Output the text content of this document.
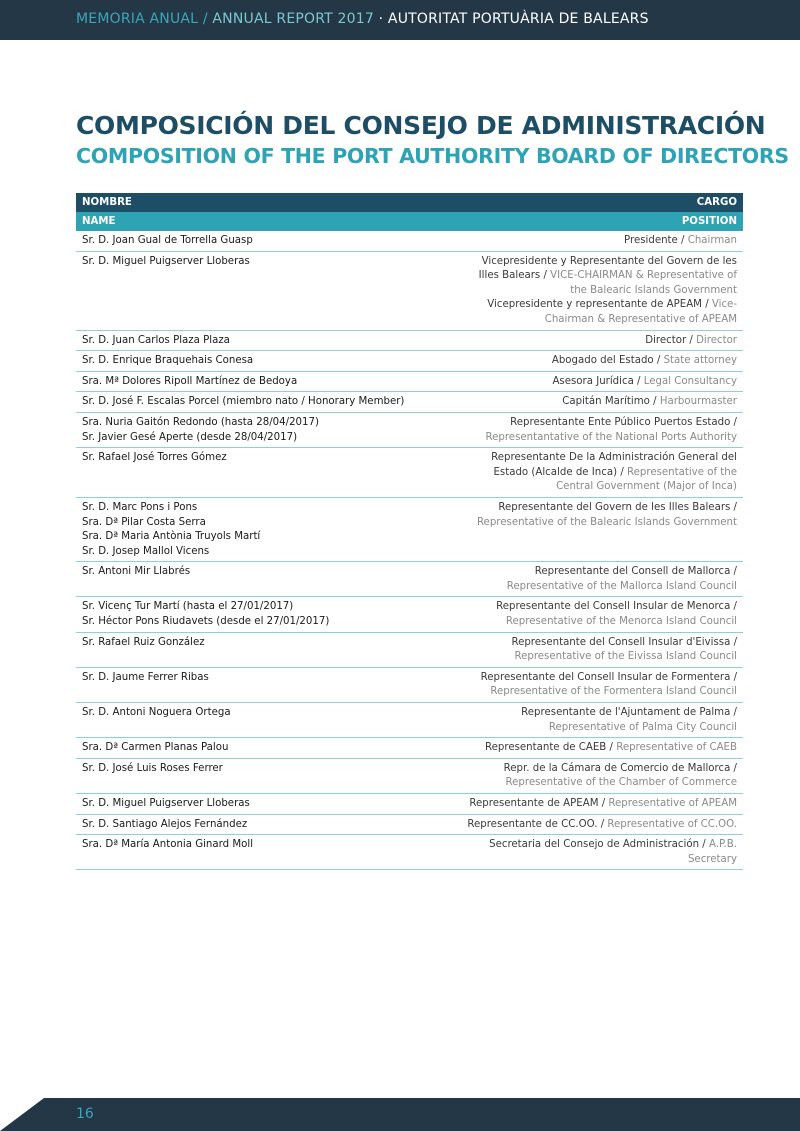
MEMORIA ANUAL / ANNUAL REPORT 2017 · AUTORITAT PORTUÀRIA DE BALEARS
COMPOSICIÓN DEL CONSEJO DE ADMINISTRACIÓN
COMPOSITION OF THE PORT AUTHORITY BOARD OF DIRECTORS
NOMBRE	CARGO
NAME	POSITION

Sr. D. Joan Gual de Torrella Guasp	Presidente / Chairman

Sr. D. Miguel Puigserver Lloberas	Vicepresidente y Representante del Govern de les Illes Balears / VICE-CHAIRMAN & Representative of the Balearic Islands Government
Vicepresidente y representante de APEAM / Vice-Chairman & Representative of APEAM

Sr. D. Juan Carlos Plaza Plaza	Director / Director

Sr. D. Enrique Braquehais Conesa	Abogado del Estado / State attorney

Sra. Mª Dolores Ripoll Martínez de Bedoya	Asesora Jurídica / Legal Consultancy

Sr. D. José F. Escalas Porcel (miembro nato / Honorary Member)	Capitán Marítimo / Harbourmaster

Sra. Nuria Gaitón Redondo (hasta 28/04/2017)
Sr. Javier Gesé Aperte (desde 28/04/2017)	Representante Ente Público Puertos Estado / Representantative of the National Ports Authority

Sr. Rafael José Torres Gómez	Representante De la Administración General del Estado (Alcalde de Inca) / Representative of the Central Government (Major of Inca)

Sr. D. Marc Pons i Pons
Sra. Dª Pilar Costa Serra
Sra. Dª Maria Antònia Truyols Martí
Sr. D. Josep Mallol Vicens	Representante del Govern de les Illes Balears / Representative of the Balearic Islands Government

Sr. Antoni Mir Llabrés	Representante del Consell de Mallorca / Representative of the Mallorca Island Council

Sr. Vicenç Tur Martí (hasta el 27/01/2017)
Sr. Héctor Pons Riudavets (desde el 27/01/2017)	Representante del Consell Insular de Menorca / Representative of the Menorca Island Council

Sr. Rafael Ruiz González	Representante del Consell Insular d'Eivissa / Representative of the Eivissa Island Council

Sr. D. Jaume Ferrer Ribas	Representante del Consell Insular de Formentera / Representative of the Formentera Island Council

Sr. D. Antoni Noguera Ortega	Representante de l'Ajuntament de Palma / Representative of Palma City Council

Sra. Dª Carmen Planas Palou	Representante de CAEB / Representative of CAEB

Sr. D. José Luis Roses Ferrer	Repr. de la Cámara de Comercio de Mallorca / Representative of the Chamber of Commerce

Sr. D. Miguel Puigserver Lloberas	Representante de APEAM / Representative of APEAM

Sr. D. Santiago Alejos Fernández	Representante de CC.OO. / Representative of CC.OO.

Sra. Dª María Antonia Ginard Moll	Secretaria del Consejo de Administración / A.P.B. Secretary
16
